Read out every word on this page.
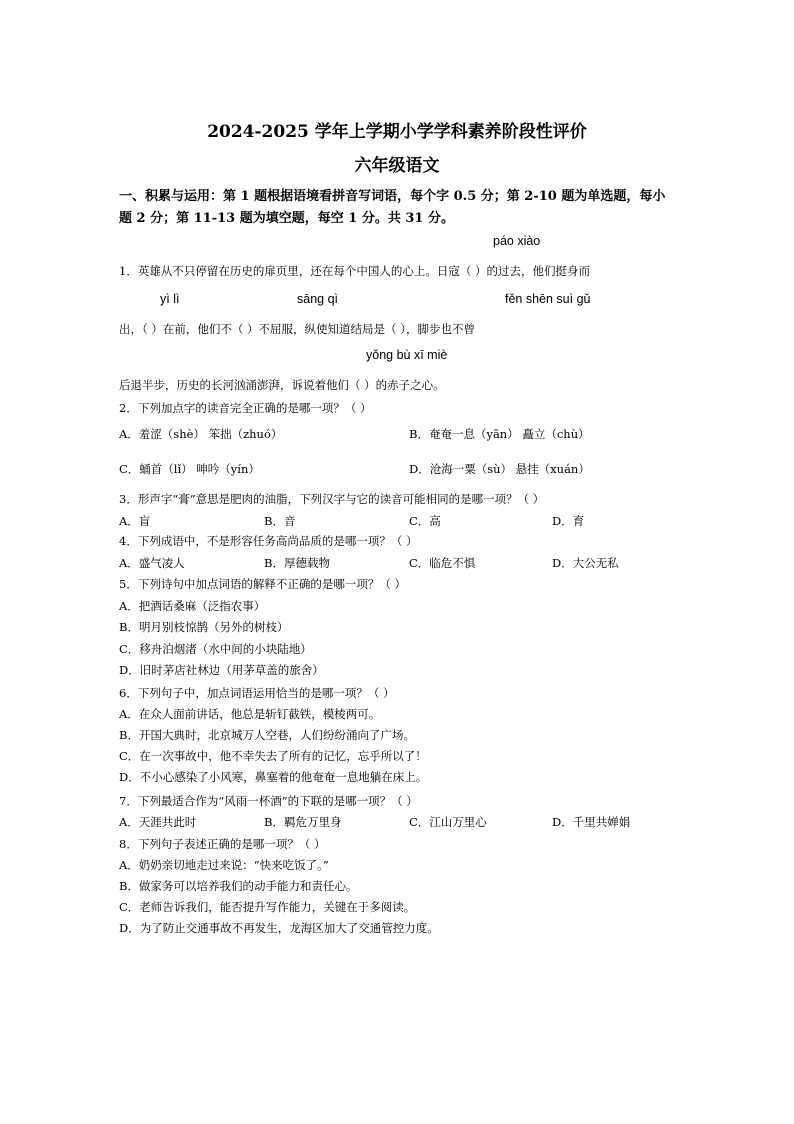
2024-2025 学年上学期小学学科素养阶段性评价
六年级语文
一、积累与运用：第 1 题根据语境看拼音写词语，每个字 0.5 分；第 2-10 题为单选题，每小
题 2 分；第 11-13 题为填空题，每空 1 分。共 31 分。
páo xiào
1．英雄从不只停留在历史的扉页里，还在每个中国人的心上。日寇（ ）的过去，他们挺身而
yì lì	sāng qì	fěn shēn suì gǔ
出，（ ）在前，他们不（ ）不屈服，纵使知道结局是（ ），脚步也不曾
yǒng bù xī miè
后退半步，历史的长河汹涌澎湃，诉说着他们（ ）的赤子之心。
2．下列加点字的读音完全正确的是哪一项？（ ）
A．羞涩（shè） 笨拙（zhuó）	B．奄奄一息（yān） 矗立（chù）
C．蛹首（lǐ） 呻吟（yín）	D．沧海一粟（sù） 悬挂（xuán）
3．形声字“膏”意思是肥肉的油脂，下列汉字与它的读音可能相同的是哪一项？（ ）
A．盲	B．音	C．高	D．育
4．下列成语中，不是形容任务高尚品质的是哪一项？（ ）
A．盛气凌人	B．厚德载物	C．临危不惧	D．大公无私
5．下列诗句中加点词语的解释不正确的是哪一项？（ ）
A．把酒话桑麻（泛指农事）
B．明月别枝惊鹊（另外的树枝）
C．移舟泊烟渚（水中间的小块陆地）
D．旧时茅店社林边（用茅草盖的旅舍）
6．下列句子中，加点词语运用恰当的是哪一项？（ ）
A．在众人面前讲话，他总是斩钉截铁，模棱两可。
B．开国大典时，北京城万人空巷，人们纷纷涌向了广场。
C．在一次事故中，他不幸失去了所有的记忆，忘乎所以了！
D．不小心感染了小风寒，鼻塞着的他奄奄一息地躺在床上。
7．下列最适合作为“风雨一杯酒”的下联的是哪一项？（ ）
A．天涯共此时	B．羁危万里身	C．江山万里心	D．千里共婵娟
8．下列句子表述正确的是哪一项？（ ）
A．奶奶亲切地走过来说：“快来吃饭了。”
B．做家务可以培养我们的动手能力和责任心。
C．老师告诉我们，能否提升写作能力，关键在于多阅读。
D．为了防止交通事故不再发生，龙海区加大了交通管控力度。
